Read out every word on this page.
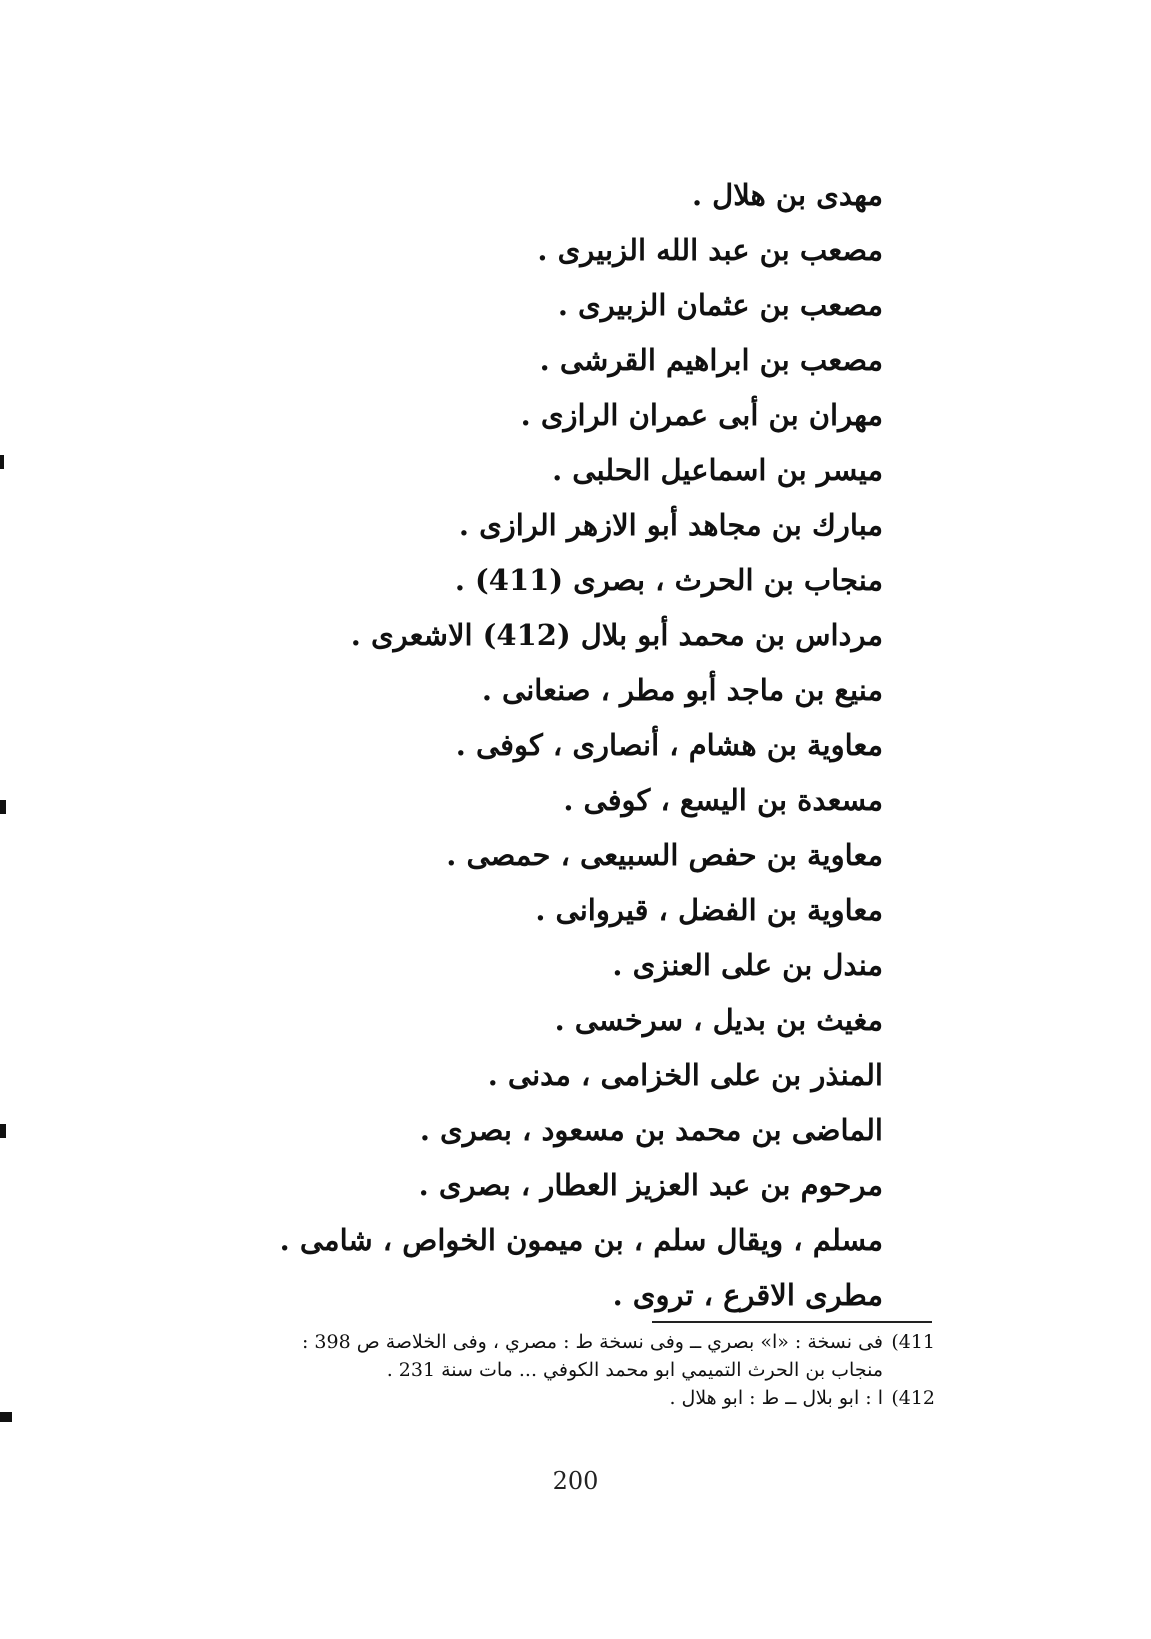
مهدى بن هلال .
مصعب بن عبد الله الزبيرى .
مصعب بن عثمان الزبيرى .
مصعب بن ابراهيم القرشى .
مهران بن أبى عمران الرازى .
ميسر بن اسماعيل الحلبى .
مبارك بن مجاهد أبو الازهر الرازى .
منجاب بن الحرث ، بصرى (411) .
مرداس بن محمد أبو بلال (412) الاشعرى .
منيع بن ماجد أبو مطر ، صنعانى .
معاوية بن هشام ، أنصارى ، كوفى .
مسعدة بن اليسع ، كوفى .
معاوية بن حفص السبيعى ، حمصى .
معاوية بن الفضل ، قيروانى .
مندل بن على العنزى .
مغيث بن بديل ، سرخسى .
المنذر بن على الخزامى ، مدنى .
الماضى بن محمد بن مسعود ، بصرى .
مرحوم بن عبد العزيز العطار ، بصرى .
مسلم ، ويقال سلم ، بن ميمون الخواص ، شامى .
مطرى الاقرع ، تروى .
(411
فى نسخة : «ا» بصري ــ وفى نسخة ط : مصري ، وفى الخلاصة ص 398 :
منجاب بن الحرث التميمي ابو محمد الكوفي ... مات سنة 231 .
(412
ا : ابو بلال ــ ط : ابو هلال .
200
